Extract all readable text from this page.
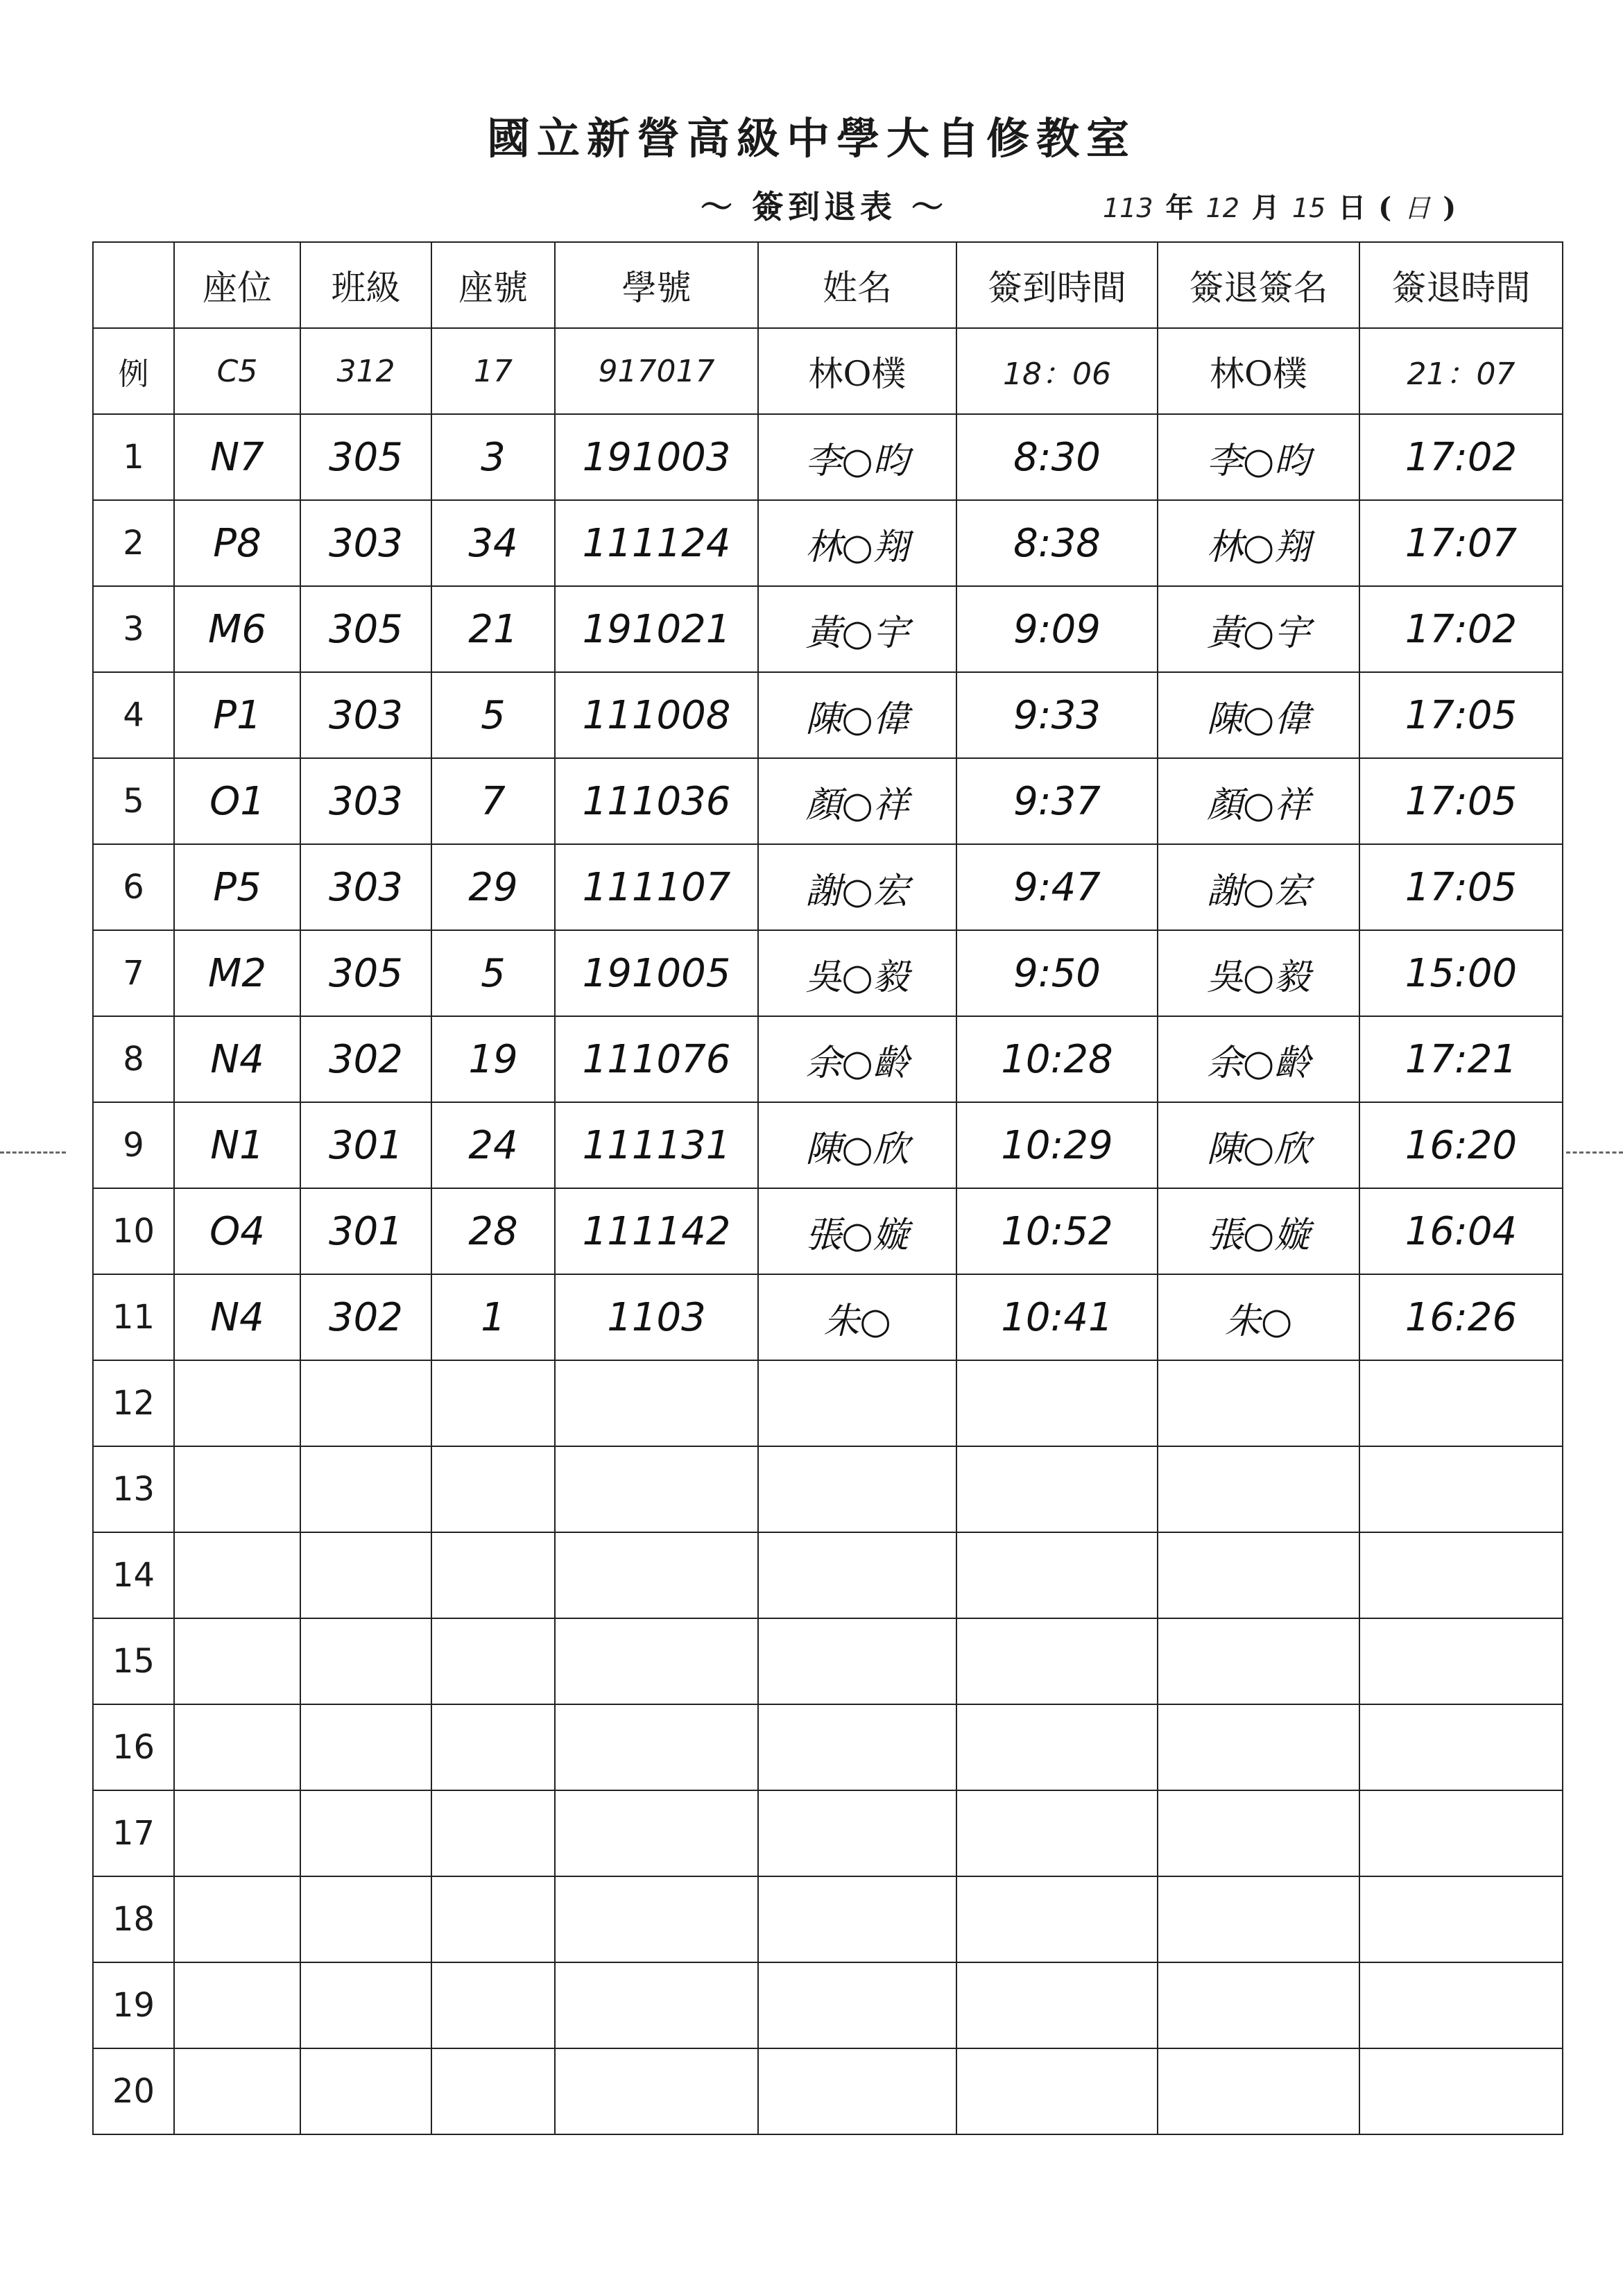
國立新營高級中學大自修教室
～ 簽到退表 ～	113 年 12 月 15 日 ( 日 )
	座位	班級	座號	學號	姓名	簽到時間	簽退簽名	簽退時間
例	C5	312	17	917017	林O樸	18：06	林O樸	21：07
1	N7	305	3	191003	李○昀	8:30	李○昀	17:02
2	P8	303	34	111124	林○翔	8:38	林○翔	17:07
3	M6	305	21	191021	黃○宇	9:09	黃○宇	17:02
4	P1	303	5	111008	陳○偉	9:33	陳○偉	17:05
5	O1	303	7	111036	顏○祥	9:37	顏○祥	17:05
6	P5	303	29	111107	謝○宏	9:47	謝○宏	17:05
7	M2	305	5	191005	吳○毅	9:50	吳○毅	15:00
8	N4	302	19	111076	余○齡	10:28	余○齡	17:21
9	N1	301	24	111131	陳○欣	10:29	陳○欣	16:20
10	O4	301	28	111142	張○嫙	10:52	張○嫙	16:04
11	N4	302	1	1103	朱○	10:41	朱○	16:26
12								
13								
14								
15								
16								
17								
18								
19								
20								
